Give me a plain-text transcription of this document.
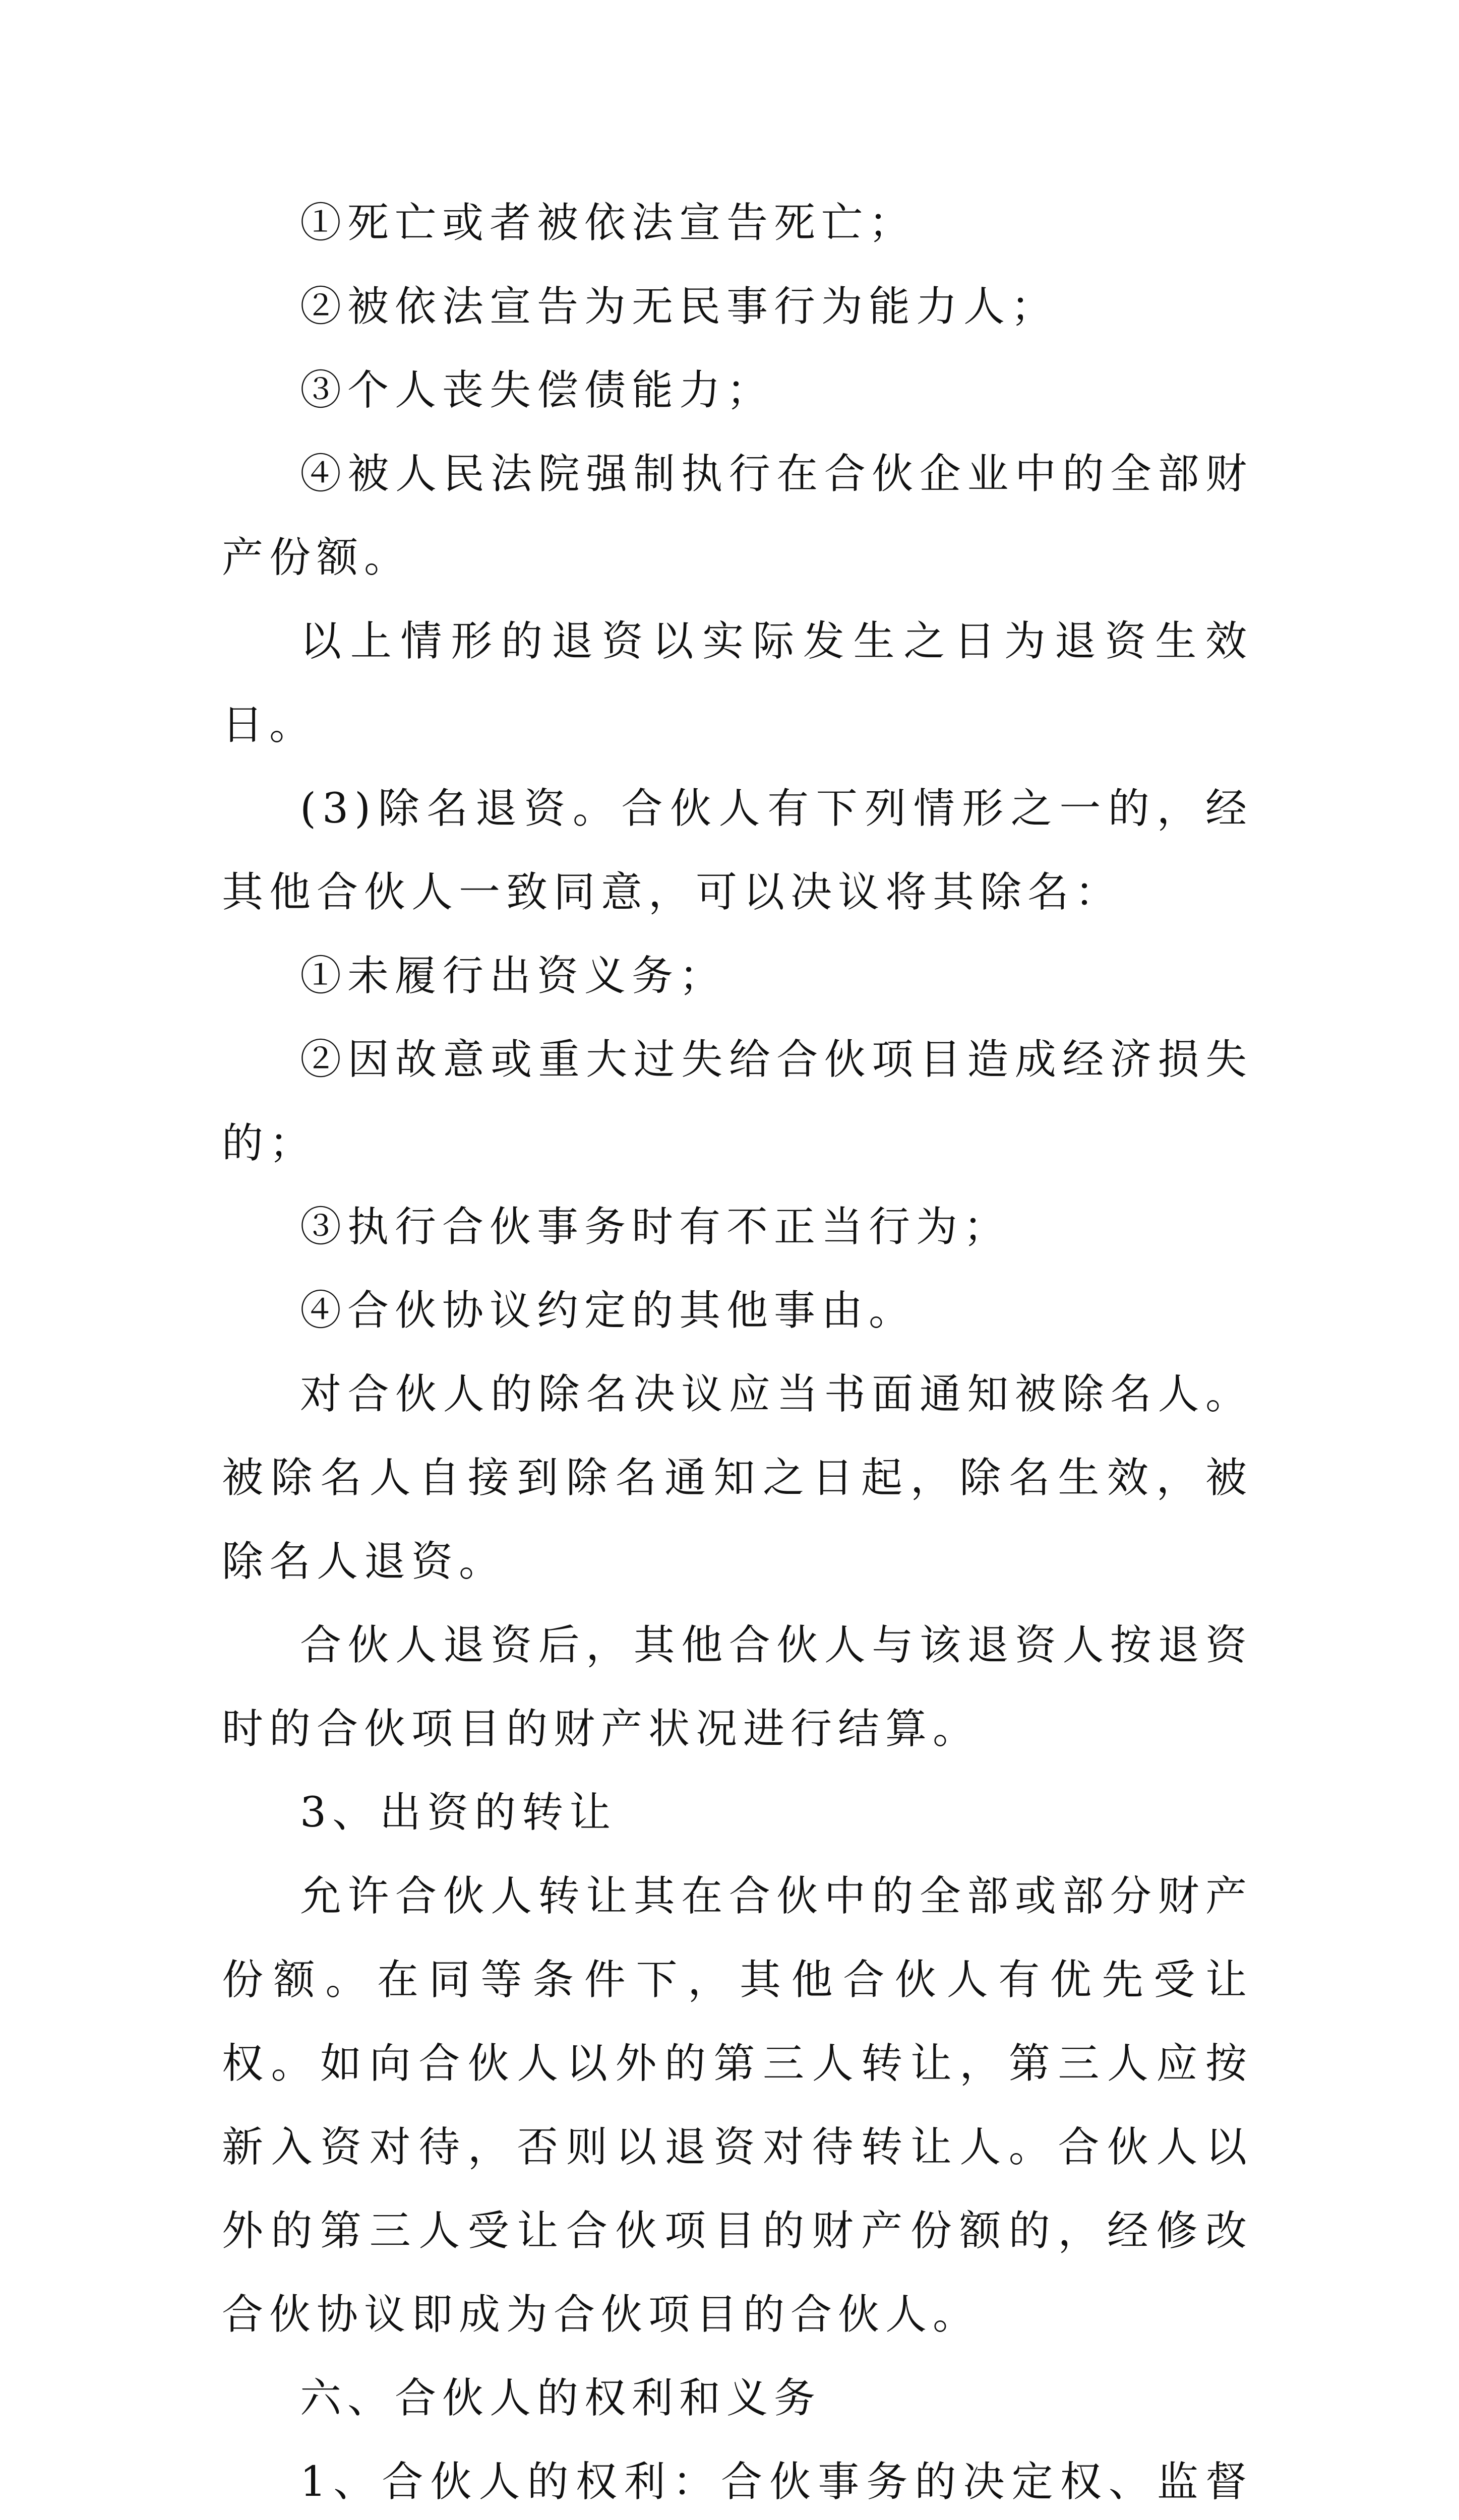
①死亡或者被依法宣告死亡；

②被依法宣告为无民事行为能力人；

③个人丧失偿债能力；

④被人民法院强制执行在合伙企业中的全部财产份额。

以上情形的退资以实际发生之日为退资生效日。

(3)除名退资。合伙人有下列情形之一的，经其他合伙人一致同意，可以决议将其除名：

①未履行出资义务；

②因故意或重大过失给合伙项目造成经济损失的；

③执行合伙事务时有不正当行为；

④合伙协议约定的其他事由。

对合伙人的除名决议应当书面通知被除名人。被除名人自接到除名通知之日起，除名生效，被除名人退资。

合伙人退资后，其他合伙人与该退资人按退资时的合伙项目的财产状况进行结算。

3、出资的转让

允许合伙人转让其在合伙中的全部或部分财产份额。在同等条件下，其他合伙人有优先受让权。如向合伙人以外的第三人转让，第三人应按新入资对待，否则以退资对待转让人。合伙人以外的第三人受让合伙项目的财产份额的，经修改合伙协议即成为合伙项目的合伙人。

六、合伙人的权利和义务

1、合伙人的权利：合伙事务的决定权、监督
